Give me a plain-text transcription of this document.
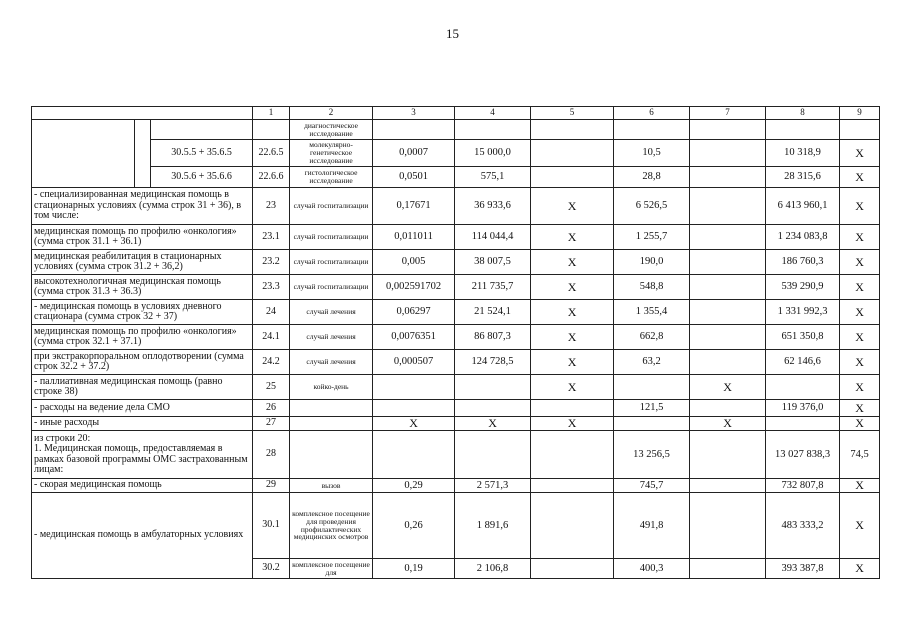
15
			1	2	3	4	5	6	7	8	9
				диагностическое исследование							
		30.5.5 + 35.6.5	22.6.5	молекулярно-генетическое исследование	0,0007	15 000,0		10,5		10 318,9	Х
		30.5.6 + 35.6.6	22.6.6	гистологическое исследование	0,0501	575,1		28,8		28 315,6	Х
- специализированная медицинская помощь в стационарных условиях (сумма строк 31 + 36), в том числе:			23	случай госпитализации	0,17671	36 933,6	Х	6 526,5		6 413 960,1	Х
медицинская помощь по профилю «онкология» (сумма строк 31.1 + 36.1)			23.1	случай госпитализации	0,011011	114 044,4	Х	1 255,7		1 234 083,8	Х
медицинская реабилитация в стационарных условиях (сумма строк 31.2 + 36,2)			23.2	случай госпитализации	0,005	38 007,5	Х	190,0		186 760,3	Х
высокотехнологичная медицинская помощь (сумма строк 31.3 + 36.3)			23.3	случай госпитализации	0,002591702	211 735,7	Х	548,8		539 290,9	Х
- медицинская помощь в условиях дневного стационара (сумма строк 32 + 37)			24	случай лечения	0,06297	21 524,1	Х	1 355,4		1 331 992,3	Х
медицинская помощь по профилю «онкология» (сумма строк 32.1 + 37.1)			24.1	случай лечения	0,0076351	86 807,3	Х	662,8		651 350,8	Х
при экстракорпоральном оплодотворении (сумма строк 32.2 + 37.2)			24.2	случай лечения	0,000507	124 728,5	Х	63,2		62 146,6	Х
- паллиативная медицинская помощь (равно строке 38)			25	койко-день			Х		Х		Х
- расходы на ведение дела СМО			26					121,5		119 376,0	Х
- иные расходы			27		Х	Х	Х		Х		Х
из строки 20:
1. Медицинская помощь, предоставляемая в рамках базовой программы ОМС застрахованным лицам:			28					13 256,5		13 027 838,3	74,5
- скорая медицинская помощь			29	вызов	0,29	2 571,3		745,7		732 807,8	Х
- медицинская помощь в амбулаторных условиях			30.1	комплексное посещение для проведения профилактических медицинских осмотров	0,26	1 891,6		491,8		483 333,2	Х
			30.2	комплексное посещение для	0,19	2 106,8		400,3		393 387,8	Х
